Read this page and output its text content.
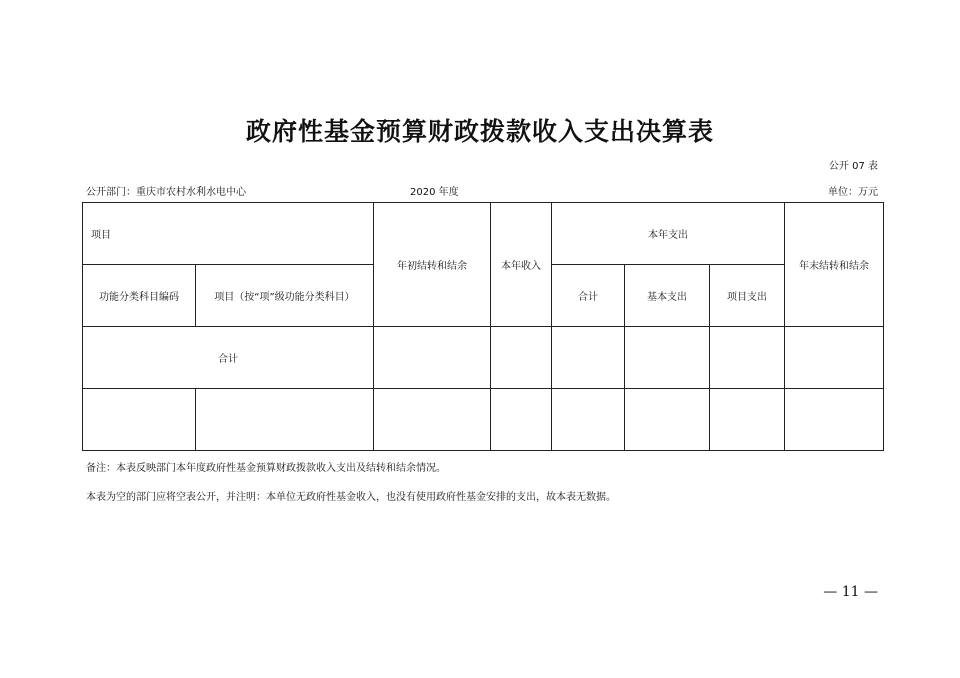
政府性基金预算财政拨款收入支出决算表
公开 07 表
公开部门：重庆市农村水利水电中心	2020 年度	单位：万元
项目		年初结转和结余	本年收入	本年支出			年末结转和结余
功能分类科目编码	项目（按“项”级功能分类科目）			合计	基本支出	项目支出	
合计							

备注：本表反映部门本年度政府性基金预算财政拨款收入支出及结转和结余情况。
本表为空的部门应将空表公开，并注明：本单位无政府性基金收入，也没有使用政府性基金安排的支出，故本表无数据。
— 11 —
